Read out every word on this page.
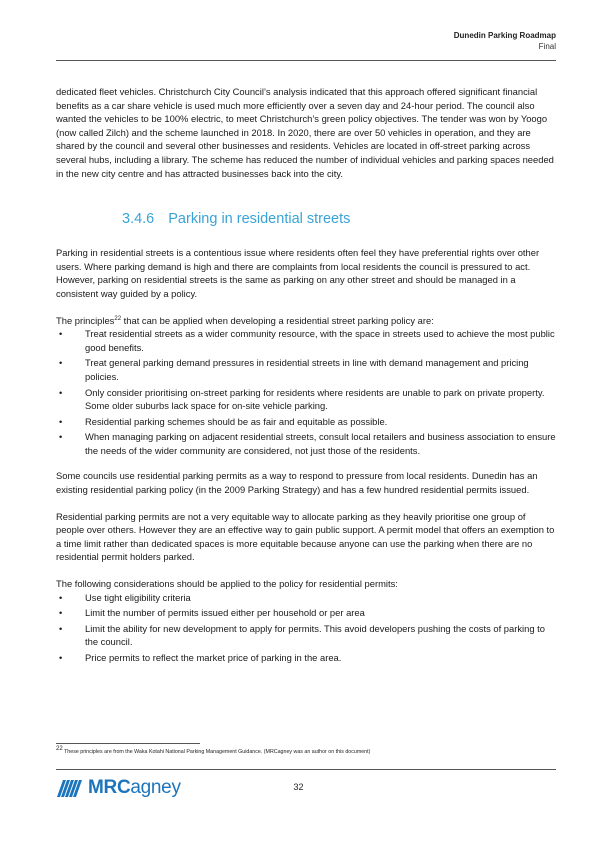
Dunedin Parking Roadmap
Final

dedicated fleet vehicles. Christchurch City Council’s analysis indicated that this approach offered significant financial benefits as a car share vehicle is used much more efficiently over a seven day and 24-hour period. The council also wanted the vehicles to be 100% electric, to meet Christchurch’s green policy objectives. The tender was won by Yoogo (now called Zilch) and the scheme launched in 2018. In 2020, there are over 50 vehicles in operation, and they are shared by the council and several other businesses and residents. Vehicles are located in off-street parking across several hubs, including a library. The scheme has reduced the number of individual vehicles and parking spaces needed in the new city centre and has attracted businesses back into the city.

3.4.6 Parking in residential streets

Parking in residential streets is a contentious issue where residents often feel they have preferential rights over other users. Where parking demand is high and there are complaints from local residents the council is pressured to act. However, parking on residential streets is the same as parking on any other street and should be managed in a consistent way guided by a policy.

The principles$^{22}$ that can be applied when developing a residential street parking policy are:

• Treat residential streets as a wider community resource, with the space in streets used to achieve the most public good benefits.
• Treat general parking demand pressures in residential streets in line with demand management and pricing policies.
• Only consider prioritising on-street parking for residents where residents are unable to park on private property. Some older suburbs lack space for on-site vehicle parking.
• Residential parking schemes should be as fair and equitable as possible.
• When managing parking on adjacent residential streets, consult local retailers and business association to ensure the needs of the wider community are considered, not just those of the residents.

Some councils use residential parking permits as a way to respond to pressure from local residents. Dunedin has an existing residential parking policy (in the 2009 Parking Strategy) and has a few hundred residential permits issued.

Residential parking permits are not a very equitable way to allocate parking as they heavily prioritise one group of people over others. However they are an effective way to gain public support. A permit model that offers an exemption to a time limit rather than dedicated spaces is more equitable because anyone can use the parking when there are no residential permit holders parked.

The following considerations should be applied to the policy for residential permits:

• Use tight eligibility criteria
• Limit the number of permits issued either per household or per area
• Limit the ability for new development to apply for permits. This avoid developers pushing the costs of parking to the council.
• Price permits to reflect the market price of parking in the area.
$^{22}$ These principles are from the Waka Kotahi National Parking Management Guidance. (MRCagney was an author on this document)
MRCagney	32
